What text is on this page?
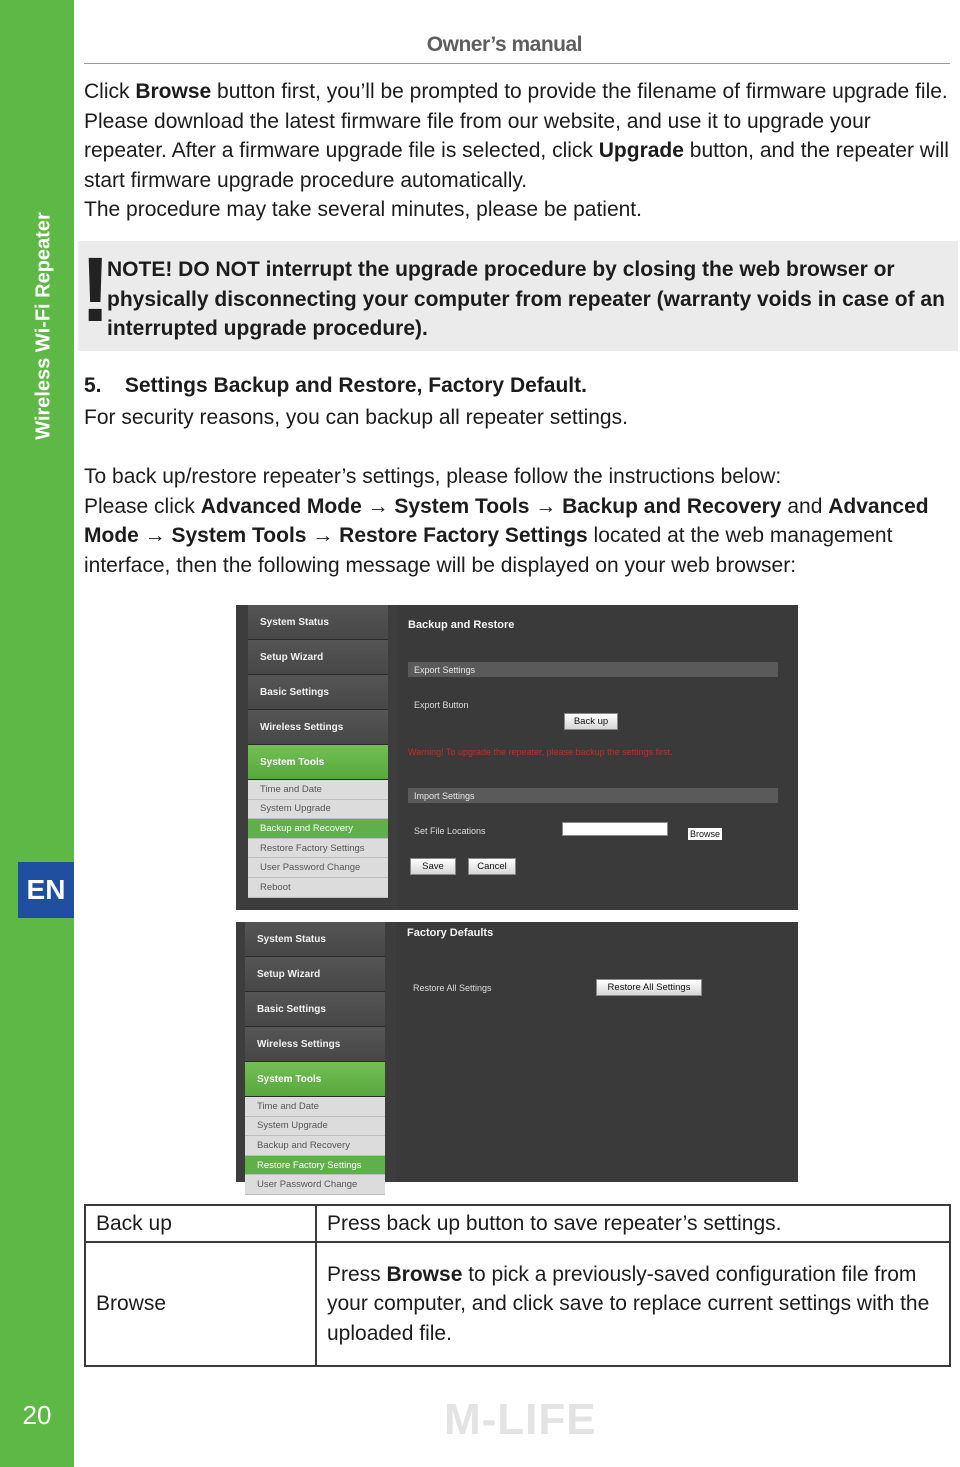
Wireless Wi-Fi Repeater
EN
20
Owner’s manual
Click Browse button first, you’ll be prompted to provide the filename of firmware upgrade file. Please download the latest firmware file from our website, and use it to upgrade your repeater. After a firmware upgrade file is selected, click Upgrade button, and the repeater will start firmware upgrade procedure automatically.
The procedure may take several minutes, please be patient.
!
NOTE! DO NOT interrupt the upgrade procedure by closing the web browser or physically disconnecting your computer from repeater (warranty voids in case of an interrupted upgrade procedure).
5.    Settings Backup and Restore, Factory Default.
For security reasons, you can backup all repeater settings.
To back up/restore repeater’s settings, please follow the instructions below:
Please click Advanced Mode → System Tools → Backup and Recovery and Advanced Mode → System Tools → Restore Factory Settings located at the web management interface, then the following message will be displayed on your web browser:
System Status
Setup Wizard
Basic Settings
Wireless Settings
System Tools
Time and Date
System Upgrade
Backup and Recovery
Restore Factory Settings
User Password Change
Reboot
Backup and Restore
Export Settings
Export Button
Back up
Warning! To upgrade the repeater, please backup the settings first.
Import Settings
Set File Locations	Browse
Save	Cancel
System Status
Setup Wizard
Basic Settings
Wireless Settings
System Tools
Time and Date
System Upgrade
Backup and Recovery
Restore Factory Settings
User Password Change
Factory Defaults
Restore All Settings	Restore All Settings
Back up	Press back up button to save repeater’s settings.
Browse	Press Browse to pick a previously-saved configuration file from your computer, and click save to replace current settings with the uploaded file.
M-LIFE
